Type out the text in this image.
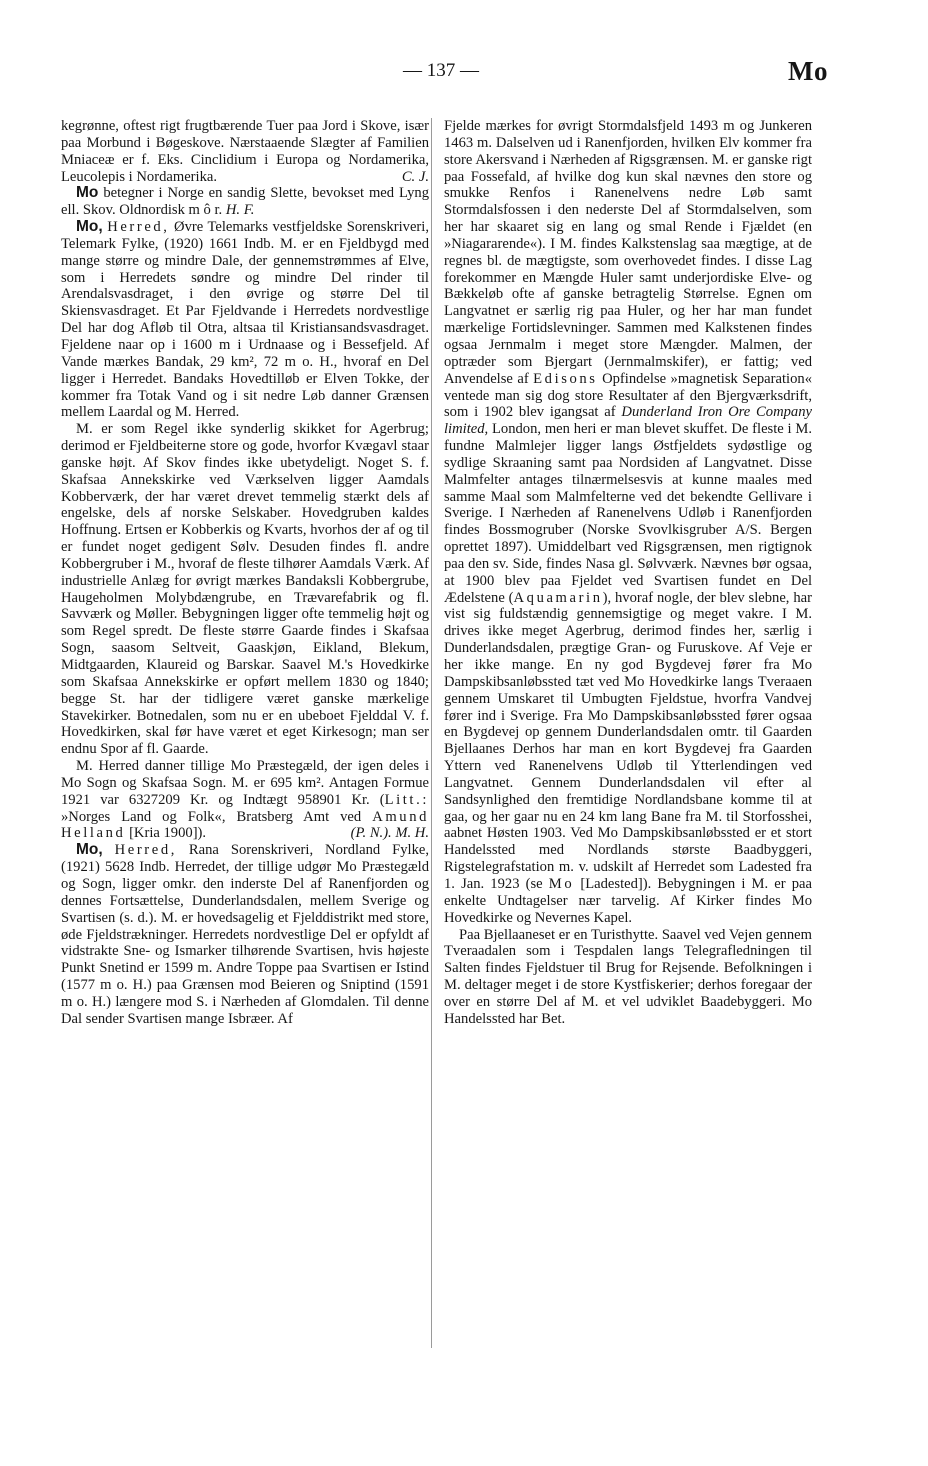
— 137 —	Mo

kegrønne, oftest rigt frugtbærende Tuer paa Jord i Skove, især paa Morbund i Bøgeskove. Nærstaaende Slægter af Familien Mniaceæ er f. Eks. Cinclidium i Europa og Nordamerika, Leucolepis i Nordamerika.	C. J.

Mo betegner i Norge en sandig Slette, bevokset med Lyng ell. Skov. Oldnordisk m ô r. H. F.

Mo, Herred, Øvre Telemarks vestfjeldske Sorenskriveri, Telemark Fylke, (1920) 1661 Indb. M. er en Fjeldbygd med mange større og mindre Dale, der gennemstrømmes af Elve, som i Herredets søndre og mindre Del rinder til Arendalsvasdraget, i den øvrige og større Del til Skiensvasdraget. Et Par Fjeldvande i Herredets nordvestlige Del har dog Afløb til Otra, altsaa til Kristiansandsvasdraget. Fjeldene naar op i 1600 m i Urdnaase og i Bessefjeld. Af Vande mærkes Bandak, 29 km², 72 m o. H., hvoraf en Del ligger i Herredet. Bandaks Hovedtilløb er Elven Tokke, der kommer fra Totak Vand og i sit nedre Løb danner Grænsen mellem Laardal og M. Herred.

M. er som Regel ikke synderlig skikket for Agerbrug; derimod er Fjeldbeiterne store og gode, hvorfor Kvægavl staar ganske højt. Af Skov findes ikke ubetydeligt. Noget S. f. Skafsaa Annekskirke ved Værkselven ligger Aamdals Kobberværk, der har været drevet temmelig stærkt dels af engelske, dels af norske Selskaber. Hovedgruben kaldes Hoffnung. Ertsen er Kobberkis og Kvarts, hvorhos der af og til er fundet noget gedigent Sølv. Desuden findes fl. andre Kobbergruber i M., hvoraf de fleste tilhører Aamdals Værk. Af industrielle Anlæg for øvrigt mærkes Bandaksli Kobbergrube, Haugeholmen Molybdængrube, en Trævarefabrik og fl. Savværk og Møller. Bebygningen ligger ofte temmelig højt og som Regel spredt. De fleste større Gaarde findes i Skafsaa Sogn, saasom Seltveit, Gaaskjøn, Eikland, Blekum, Midtgaarden, Klaureid og Barskar. Saavel M.'s Hovedkirke som Skafsaa Annekskirke er opført mellem 1830 og 1840; begge St. har der tidligere været ganske mærkelige Stavekirker. Botnedalen, som nu er en ubeboet Fjelddal V. f. Hovedkirken, skal før have været et eget Kirkesogn; man ser endnu Spor af fl. Gaarde.

M. Herred danner tillige Mo Præstegæld, der igen deles i Mo Sogn og Skafsaa Sogn. M. er 695 km². Antagen Formue 1921 var 6327209 Kr. og Indtægt 958901 Kr. (Litt.: »Norges Land og Folk«, Bratsberg Amt ved Amund Helland [Kria 1900]).	(P. N.). M. H.

Mo, Herred, Rana Sorenskriveri, Nordland Fylke, (1921) 5628 Indb. Herredet, der tillige udgør Mo Præstegæld og Sogn, ligger omkr. den inderste Del af Ranenfjorden og dennes Fortsættelse, Dunderlandsdalen, mellem Sverige og Svartisen (s. d.). M. er hovedsagelig et Fjelddistrikt med store, øde Fjeldstrækninger. Herredets nordvestlige Del er opfyldt af vidstrakte Sne- og Ismarker tilhørende Svartisen, hvis højeste Punkt Snetind er 1599 m. Andre Toppe paa Svartisen er Istind (1577 m o. H.) paa Grænsen mod Beieren og Sniptind (1591 m o. H.) længere mod S. i Nærheden af Glomdalen. Til denne Dal sender Svartisen mange Isbræer. Af

Fjelde mærkes for øvrigt Stormdalsfjeld 1493 m og Junkeren 1463 m. Dalselven ud i Ranenfjorden, hvilken Elv kommer fra store Akersvand i Nærheden af Rigsgrænsen. M. er ganske rigt paa Fossefald, af hvilke dog kun skal nævnes den store og smukke Renfos i Ranenelvens nedre Løb samt Stormdalsfossen i den nederste Del af Stormdalselven, som her har skaaret sig en lang og smal Rende i Fjældet (en »Niagararende«). I M. findes Kalkstenslag saa mægtige, at de regnes bl. de mægtigste, som overhovedet findes. I disse Lag forekommer en Mængde Huler samt underjordiske Elve- og Bækkeløb ofte af ganske betragtelig Størrelse. Egnen om Langvatnet er særlig rig paa Huler, og her har man fundet mærkelige Fortidslevninger. Sammen med Kalkstenen findes ogsaa Jernmalm i meget store Mængder. Malmen, der optræder som Bjergart (Jernmalmskifer), er fattig; ved Anvendelse af Edisons Opfindelse »magnetisk Separation« ventede man sig dog store Resultater af den Bjergværksdrift, som i 1902 blev igangsat af Dunderland Iron Ore Company limited, London, men heri er man blevet skuffet. De fleste i M. fundne Malmlejer ligger langs Østfjeldets sydøstlige og sydlige Skraaning samt paa Nordsiden af Langvatnet. Disse Malmfelter antages tilnærmelsesvis at kunne maales med samme Maal som Malmfelterne ved det bekendte Gellivare i Sverige. I Nærheden af Ranenelvens Udløb i Ranenfjorden findes Bossmogruber (Norske Svovlkisgruber A/S. Bergen oprettet 1897). Umiddelbart ved Rigsgrænsen, men rigtignok paa den sv. Side, findes Nasa gl. Sølvværk. Nævnes bør ogsaa, at 1900 blev paa Fjeldet ved Svartisen fundet en Del Ædelstene (Aquamarin), hvoraf nogle, der blev slebne, har vist sig fuldstændig gennemsigtige og meget vakre. I M. drives ikke meget Agerbrug, derimod findes her, særlig i Dunderlandsdalen, prægtige Gran- og Furuskove. Af Veje er her ikke mange. En ny god Bygdevej fører fra Mo Dampskibsanløbssted tæt ved Mo Hovedkirke langs Tveraaen gennem Umskaret til Umbugten Fjeldstue, hvorfra Vandvej fører ind i Sverige. Fra Mo Dampskibsanløbssted fører ogsaa en Bygdevej op gennem Dunderlandsdalen omtr. til Gaarden Bjellaanes Derhos har man en kort Bygdevej fra Gaarden Yttern ved Ranenelvens Udløb til Ytterlendingen ved Langvatnet. Gennem Dunderlandsdalen vil efter al Sandsynlighed den fremtidige Nordlandsbane komme til at gaa, og her gaar nu en 24 km lang Bane fra M. til Storfosshei, aabnet Høsten 1903. Ved Mo Dampskibsanløbssted er et stort Handelssted med Nordlands største Baadbyggeri, Rigstelegrafstation m. v. udskilt af Herredet som Ladested fra 1. Jan. 1923 (se Mo [Ladested]). Bebygningen i M. er paa enkelte Undtagelser nær tarvelig. Af Kirker findes Mo Hovedkirke og Nevernes Kapel.

Paa Bjellaaneset er en Turisthytte. Saavel ved Vejen gennem Tveraadalen som i Tespdalen langs Telegrafledningen til Salten findes Fjeldstuer til Brug for Rejsende. Befolkningen i M. deltager meget i de store Kystfiskerier; derhos foregaar der over en større Del af M. et vel udviklet Baadebyggeri. Mo Handelssted har Bet.
